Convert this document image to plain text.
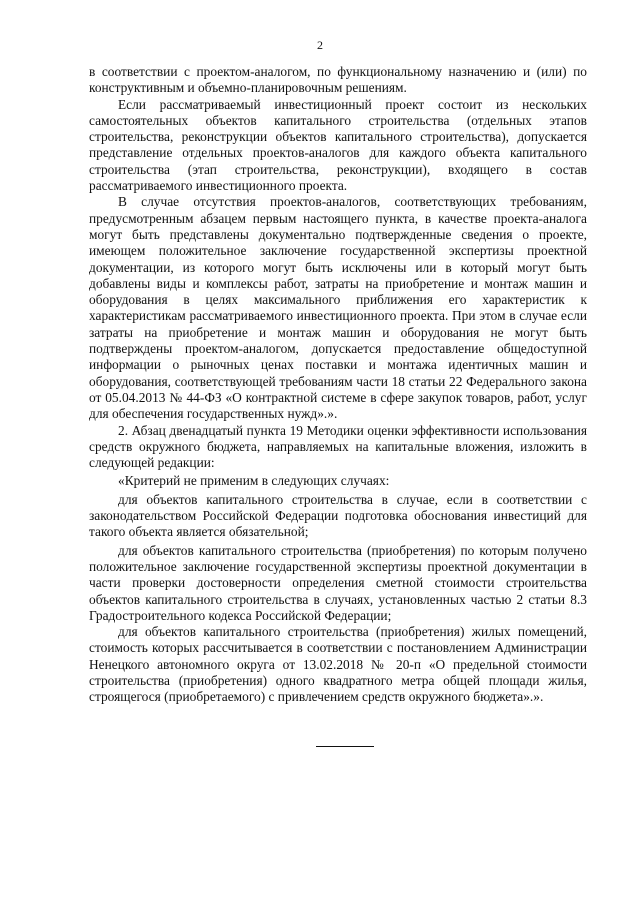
2

в соответствии с проектом-аналогом, по функциональному назначению и (или) по конструктивным и объемно-планировочным решениям.

Если рассматриваемый инвестиционный проект состоит из нескольких самостоятельных объектов капитального строительства (отдельных этапов строительства, реконструкции объектов капитального строительства), допускается представление отдельных проектов-аналогов для каждого объекта капитального строительства (этап строительства, реконструкции), входящего в состав рассматриваемого инвестиционного проекта.

В случае отсутствия проектов-аналогов, соответствующих требованиям, предусмотренным абзацем первым настоящего пункта, в качестве проекта-аналога могут быть представлены документально подтвержденные сведения о проекте, имеющем положительное заключение государственной экспертизы проектной документации, из которого могут быть исключены или в который могут быть добавлены виды и комплексы работ, затраты на приобретение и монтаж машин и оборудования в целях максимального приближения его характеристик к характеристикам рассматриваемого инвестиционного проекта. При этом в случае если затраты на приобретение и монтаж машин и оборудования не могут быть подтверждены проектом-аналогом, допускается предоставление общедоступной информации о рыночных ценах поставки и монтажа идентичных машин и оборудования, соответствующей требованиям части 18 статьи 22 Федерального закона от 05.04.2013 № 44-ФЗ «О контрактной системе в сфере закупок товаров, работ, услуг для обеспечения государственных нужд».».

2. Абзац двенадцатый пункта 19 Методики оценки эффективности использования средств окружного бюджета, направляемых на капитальные вложения, изложить в следующей редакции:

«Критерий не применим в следующих случаях:

для объектов капитального строительства в случае, если в соответствии с законодательством Российской Федерации подготовка обоснования инвестиций для такого объекта является обязательной;

для объектов капитального строительства (приобретения) по которым получено положительное заключение государственной экспертизы проектной документации в части проверки достоверности определения сметной стоимости строительства объектов капитального строительства в случаях, установленных частью 2 статьи 8.3 Градостроительного кодекса Российской Федерации;

для объектов капитального строительства (приобретения) жилых помещений, стоимость которых рассчитывается в соответствии с постановлением Администрации Ненецкого автономного округа от 13.02.2018 № 20-п «О предельной стоимости строительства (приобретения) одного квадратного метра общей площади жилья, строящегося (приобретаемого) с привлечением средств окружного бюджета».».
